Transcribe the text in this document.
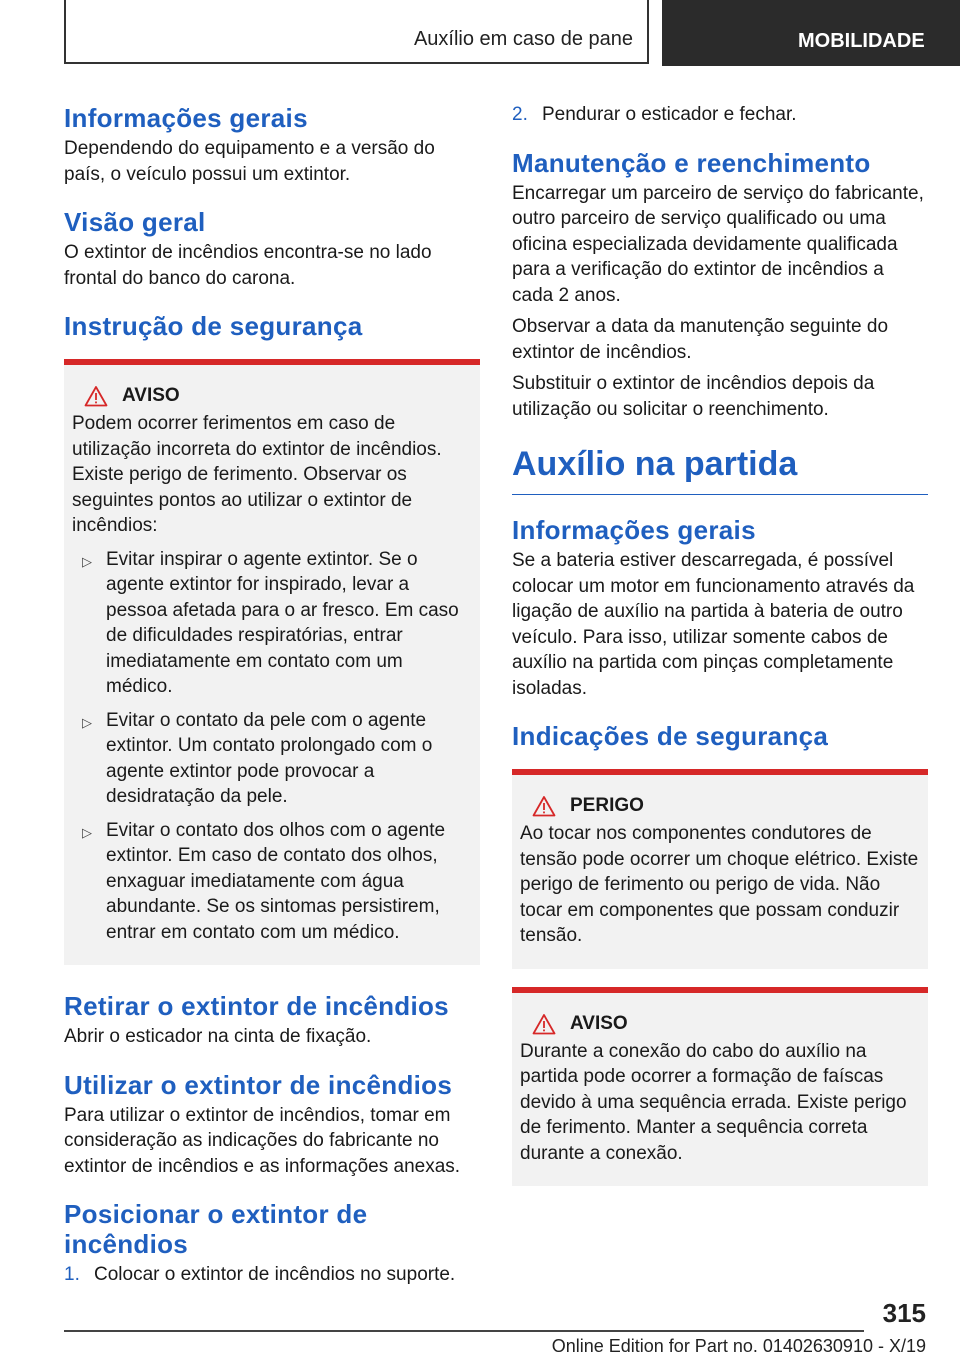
Auxílio em caso de pane	MOBILIDADE
Informações gerais
Dependendo do equipamento e a versão do país, o veículo possui um extintor.
Visão geral
O extintor de incêndios encontra-se no lado frontal do banco do carona.
Instrução de segurança
AVISO
Podem ocorrer ferimentos em caso de utilização incorreta do extintor de incêndios. Existe perigo de ferimento. Observar os seguintes pontos ao utilizar o extintor de incêndios:
▷ Evitar inspirar o agente extintor. Se o agente extintor for inspirado, levar a pessoa afetada para o ar fresco. Em caso de dificuldades respiratórias, entrar imediatamente em contato com um médico.
▷ Evitar o contato da pele com o agente extintor. Um contato prolongado com o agente extintor pode provocar a desidratação da pele.
▷ Evitar o contato dos olhos com o agente extintor. Em caso de contato dos olhos, enxaguar imediatamente com água abundante. Se os sintomas persistirem, entrar em contato com um médico.
Retirar o extintor de incêndios
Abrir o esticador na cinta de fixação.
Utilizar o extintor de incêndios
Para utilizar o extintor de incêndios, tomar em consideração as indicações do fabricante no extintor de incêndios e as informações anexas.
Posicionar o extintor de incêndios
1. Colocar o extintor de incêndios no suporte.
2. Pendurar o esticador e fechar.
Manutenção e reenchimento
Encarregar um parceiro de serviço do fabricante, outro parceiro de serviço qualificado ou uma oficina especializada devidamente qualificada para a verificação do extintor de incêndios a cada 2 anos.
Observar a data da manutenção seguinte do extintor de incêndios.
Substituir o extintor de incêndios depois da utilização ou solicitar o reenchimento.
Auxílio na partida
Informações gerais
Se a bateria estiver descarregada, é possível colocar um motor em funcionamento através da ligação de auxílio na partida à bateria de outro veículo. Para isso, utilizar somente cabos de auxílio na partida com pinças completamente isoladas.
Indicações de segurança
PERIGO
Ao tocar nos componentes condutores de tensão pode ocorrer um choque elétrico. Existe perigo de ferimento ou perigo de vida. Não tocar em componentes que possam conduzir tensão.
AVISO
Durante a conexão do cabo do auxílio na partida pode ocorrer a formação de faíscas devido à uma sequência errada. Existe perigo de ferimento. Manter a sequência correta durante a conexão.
315
Online Edition for Part no. 01402630910 - X/19
